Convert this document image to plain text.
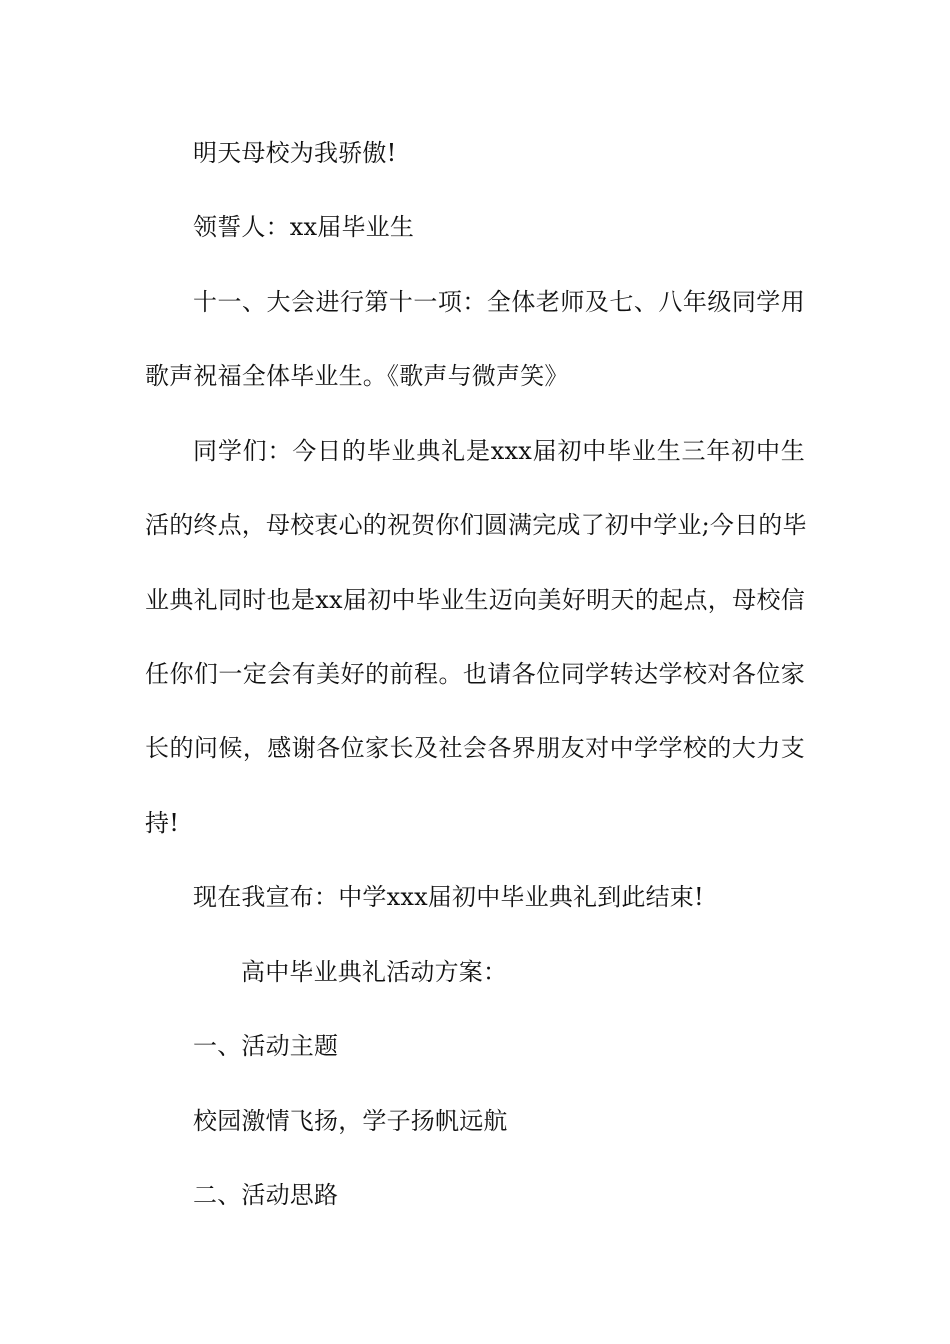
明天母校为我骄傲!
领誓人：xx届毕业生
十一、大会进行第十一项：全体老师及七、八年级同学用
歌声祝福全体毕业生。《歌声与微声笑》
同学们：今日的毕业典礼是xxx届初中毕业生三年初中生
活的终点，母校衷心的祝贺你们圆满完成了初中学业;今日的毕
业典礼同时也是xx届初中毕业生迈向美好明天的起点，母校信
任你们一定会有美好的前程。也请各位同学转达学校对各位家
长的问候，感谢各位家长及社会各界朋友对中学学校的大力支
持!
现在我宣布：中学xxx届初中毕业典礼到此结束!
高中毕业典礼活动方案：
一、活动主题
校园激情飞扬，学子扬帆远航
二、活动思路
